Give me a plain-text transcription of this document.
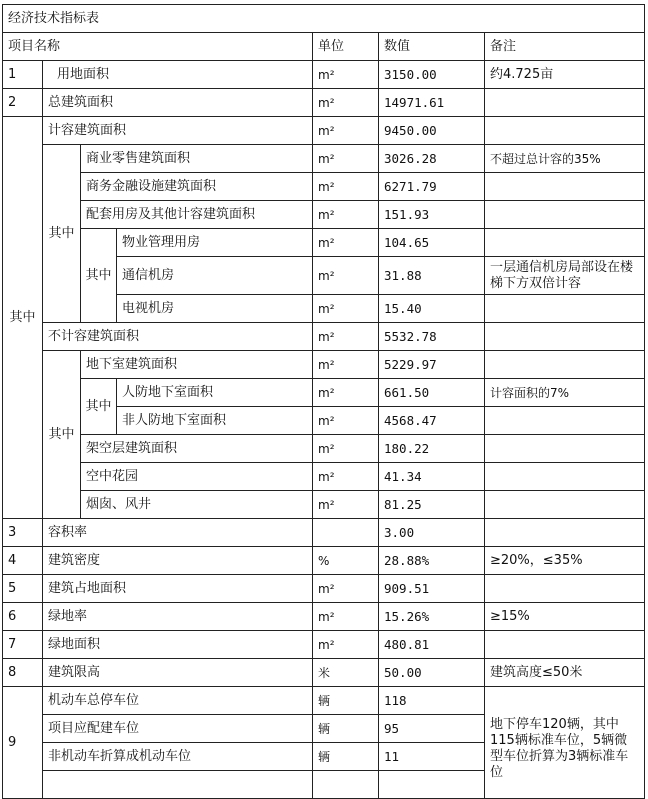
经济技术指标表						
项目名称				单位	数值	备注
1	用地面积			m²	3150.00	约4.725亩
2	总建筑面积			m²	14971.61	
其中	计容建筑面积			m²	9450.00	
	其中	商业零售建筑面积		m²	3026.28	不超过总计容的35%
		商务金融设施建筑面积		m²	6271.79	
		配套用房及其他计容建筑面积		m²	151.93	
		其中	物业管理用房	m²	104.65	
			通信机房	m²	31.88	一层通信机房局部设在楼梯下方双倍计容
			电视机房	m²	15.40	
	不计容建筑面积			m²	5532.78	
	其中	地下室建筑面积		m²	5229.97	
		其中	人防地下室面积	m²	661.50	计容面积的7%
			非人防地下室面积	m²	4568.47	
		架空层建筑面积		m²	180.22	
		空中花园		m²	41.34	
		烟囱、风井		m²	81.25	
3	容积率				3.00	
4	建筑密度			%	28.88%	≥20%，≤35%
5	建筑占地面积			m²	909.51	
6	绿地率			m²	15.26%	≥15%
7	绿地面积			m²	480.81	
8	建筑限高			米	50.00	建筑高度≤50米
9	机动车总停车位			辆	118	地下停车120辆，其中115辆标准车位，5辆微型车位折算为3辆标准车位
	项目应配建车位			辆	95	
	非机动车折算成机动车位			辆	11	
